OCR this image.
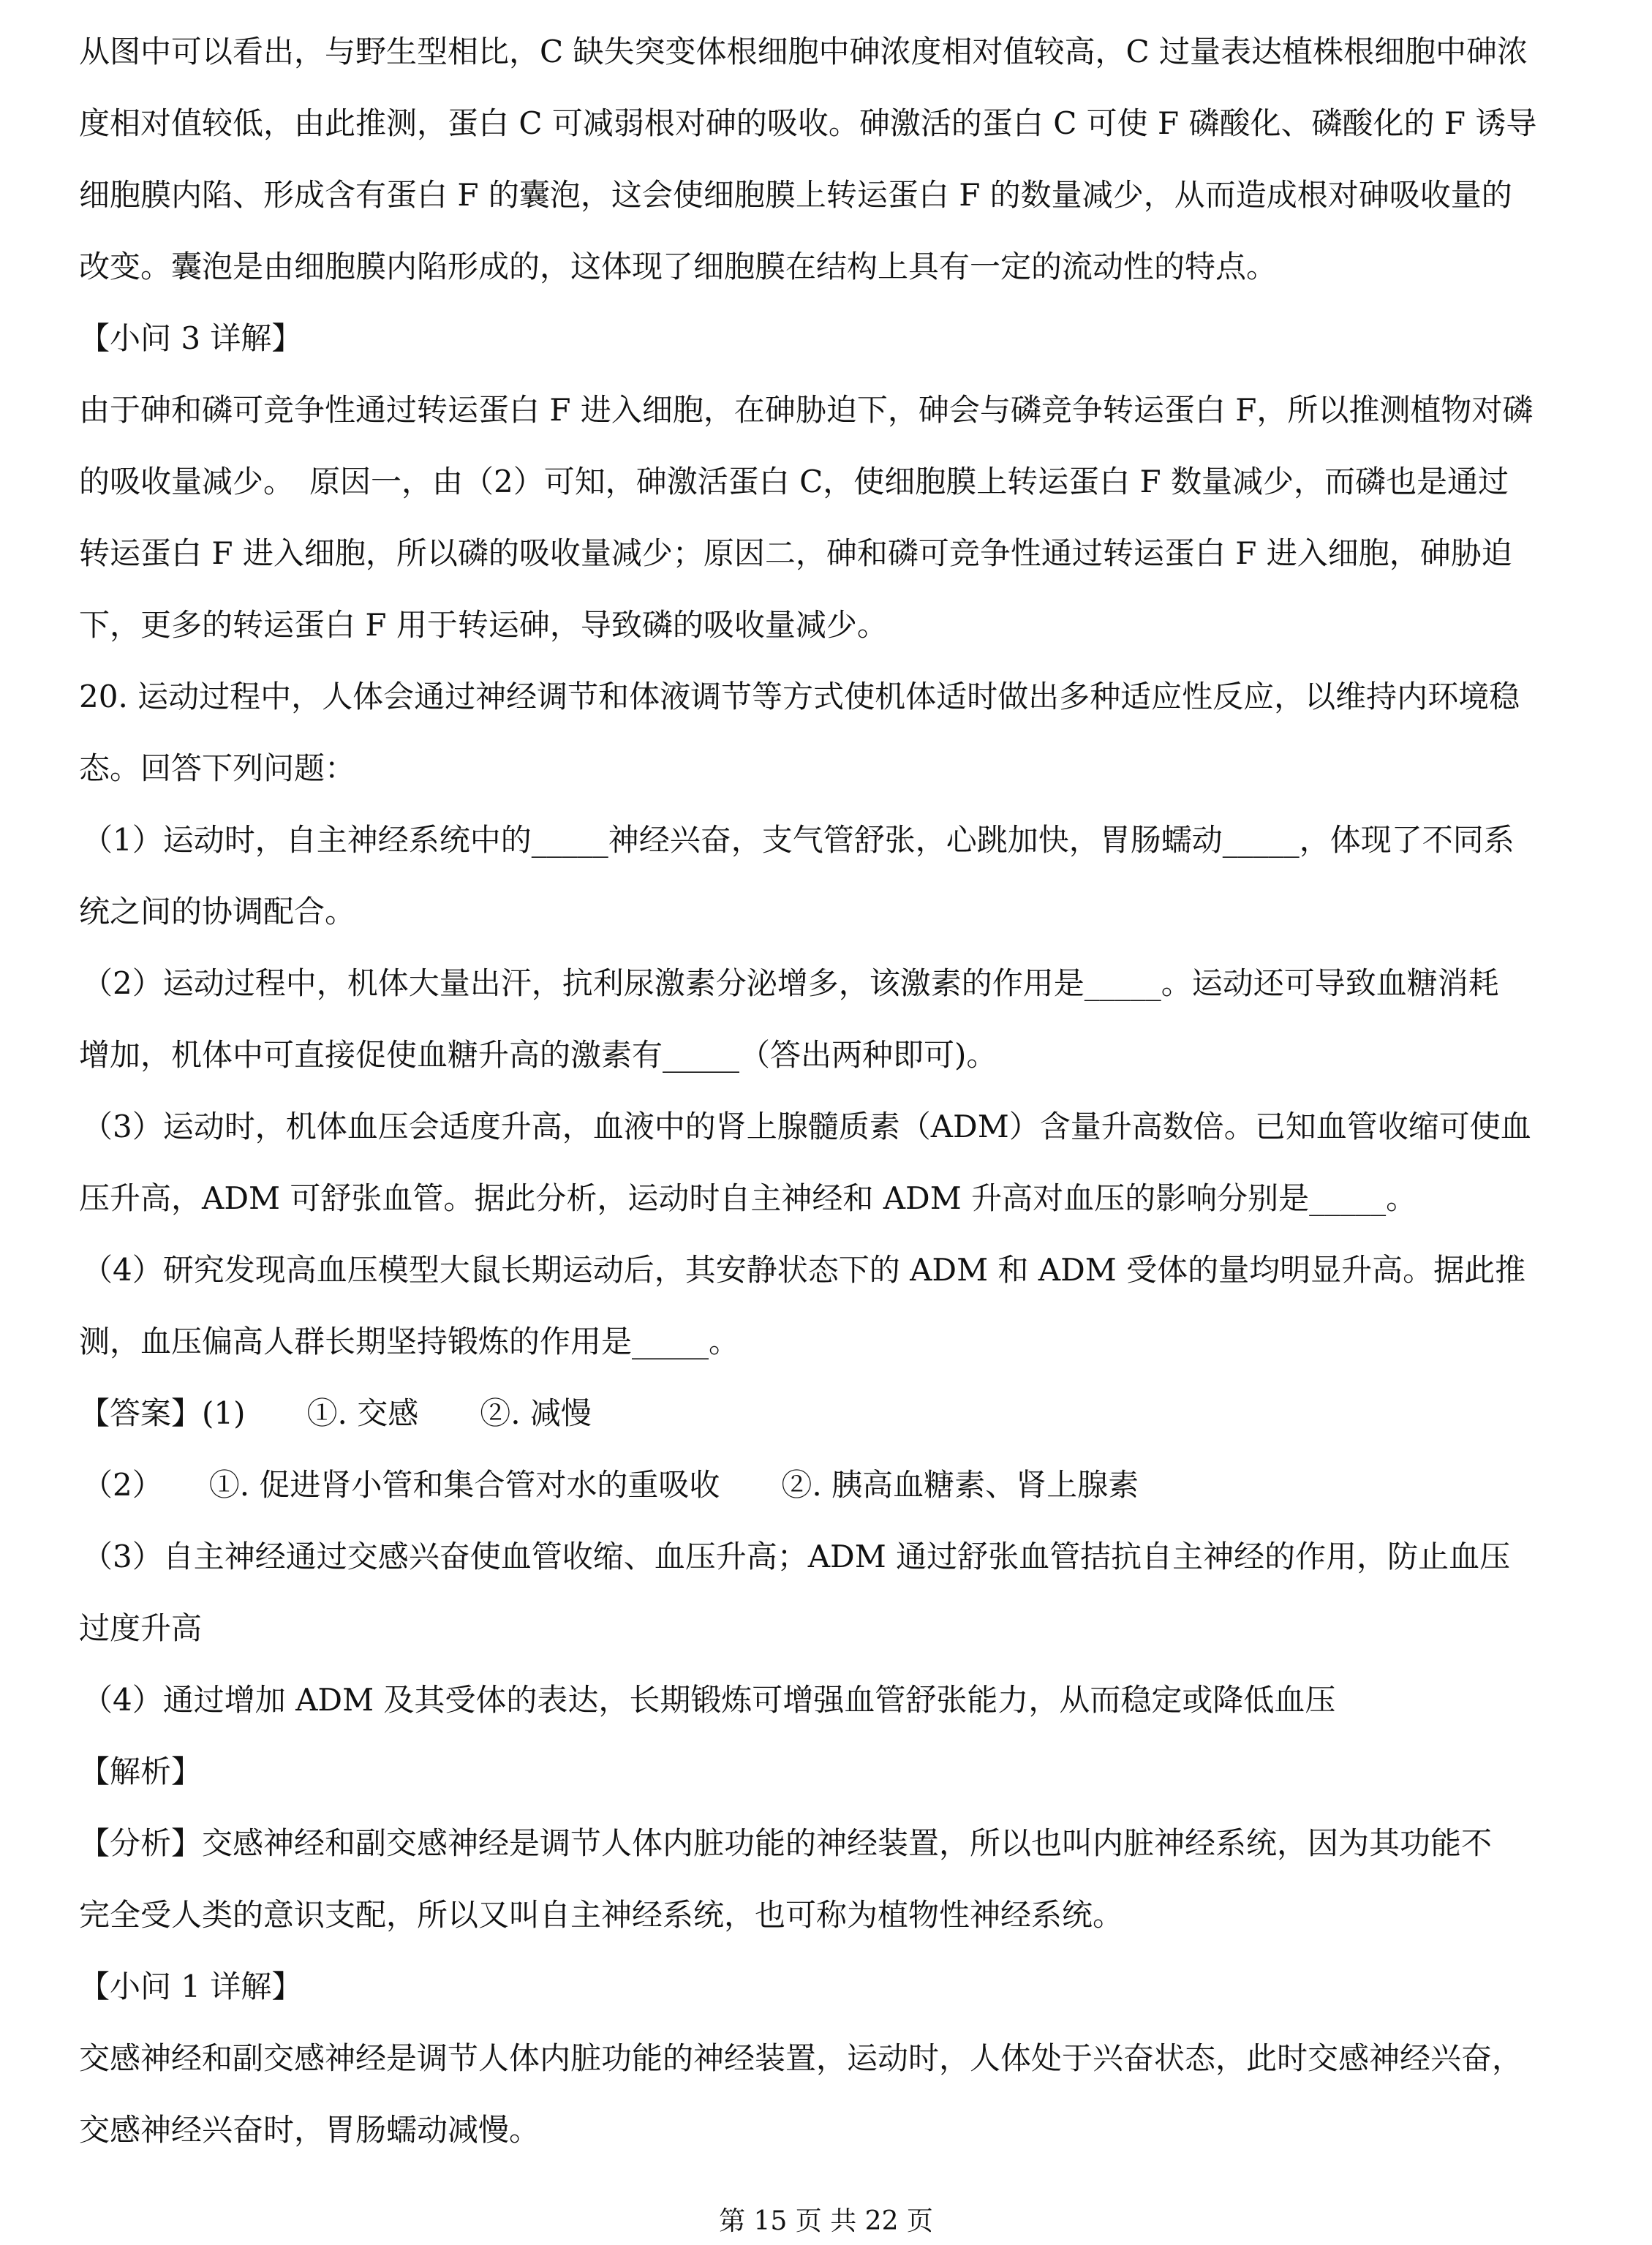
从图中可以看出，与野生型相比，C 缺失突变体根细胞中砷浓度相对值较高，C 过量表达植株根细胞中砷浓
度相对值较低，由此推测，蛋白 C 可减弱根对砷的吸收。砷激活的蛋白 C 可使 F 磷酸化、磷酸化的 F 诱导
细胞膜内陷、形成含有蛋白 F 的囊泡，这会使细胞膜上转运蛋白 F 的数量减少，从而造成根对砷吸收量的
改变。囊泡是由细胞膜内陷形成的，这体现了细胞膜在结构上具有一定的流动性的特点。
【小问 3 详解】
由于砷和磷可竞争性通过转运蛋白 F 进入细胞，在砷胁迫下，砷会与磷竞争转运蛋白 F，所以推测植物对磷
的吸收量减少。　原因一，由（2）可知，砷激活蛋白 C，使细胞膜上转运蛋白 F 数量减少，而磷也是通过
转运蛋白 F 进入细胞，所以磷的吸收量减少；原因二，砷和磷可竞争性通过转运蛋白 F 进入细胞，砷胁迫
下，更多的转运蛋白 F 用于转运砷，导致磷的吸收量减少。
20. 运动过程中，人体会通过神经调节和体液调节等方式使机体适时做出多种适应性反应，以维持内环境稳
态。回答下列问题：
（1）运动时，自主神经系统中的_____神经兴奋，支气管舒张，心跳加快，胃肠蠕动_____，体现了不同系
统之间的协调配合。
（2）运动过程中，机体大量出汗，抗利尿激素分泌增多，该激素的作用是_____。运动还可导致血糖消耗
增加，机体中可直接促使血糖升高的激素有_____（答出两种即可)。
（3）运动时，机体血压会适度升高，血液中的肾上腺髓质素（ADM）含量升高数倍。已知血管收缩可使血
压升高，ADM 可舒张血管。据此分析，运动时自主神经和 ADM 升高对血压的影响分别是_____。
（4）研究发现高血压模型大鼠长期运动后，其安静状态下的 ADM 和 ADM 受体的量均明显升高。据此推
测，血压偏高人群长期坚持锻炼的作用是_____。
【答案】(1)　　①. 交感　　②. 减慢
（2）　　①. 促进肾小管和集合管对水的重吸收　　②. 胰高血糖素、肾上腺素
（3）自主神经通过交感兴奋使血管收缩、血压升高；ADM 通过舒张血管拮抗自主神经的作用，防止血压
过度升高
（4）通过增加 ADM 及其受体的表达，长期锻炼可增强血管舒张能力，从而稳定或降低血压
【解析】
【分析】交感神经和副交感神经是调节人体内脏功能的神经装置，所以也叫内脏神经系统，因为其功能不
完全受人类的意识支配，所以又叫自主神经系统，也可称为植物性神经系统。
【小问 1 详解】
交感神经和副交感神经是调节人体内脏功能的神经装置，运动时，人体处于兴奋状态，此时交感神经兴奋，
交感神经兴奋时，胃肠蠕动减慢。
第 15 页 共 22 页
